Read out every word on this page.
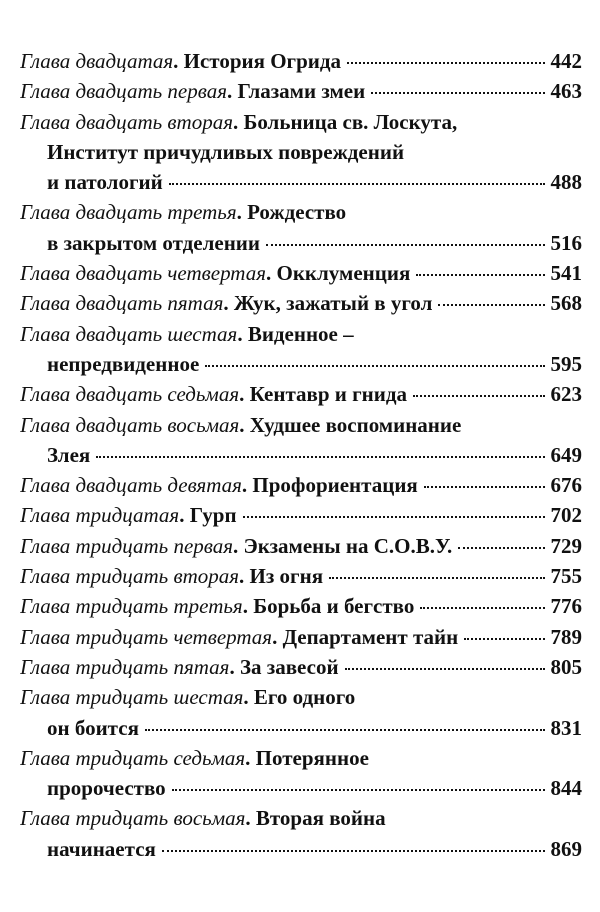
Глава двадцатая . История Огрида	442
Глава двадцать первая . Глазами змеи	463
Глава двадцать вторая . Больница св. Лоскута,
Институт причудливых повреждений
и патологий	488
Глава двадцать третья . Рождество
в закрытом отделении	516
Глава двадцать четвертая . Окклуменция	541
Глава двадцать пятая . Жук, зажатый в угол	568
Глава двадцать шестая . Виденное –
непредвиденное	595
Глава двадцать седьмая . Кентавр и гнида	623
Глава двадцать восьмая . Худшее воспоминание
Злея	649
Глава двадцать девятая . Профориентация	676
Глава тридцатая . Гурп	702
Глава тридцать первая . Экзамены на С.О.В.У.	729
Глава тридцать вторая . Из огня	755
Глава тридцать третья . Борьба и бегство	776
Глава тридцать четвертая . Департамент тайн	789
Глава тридцать пятая . За завесой	805
Глава тридцать шестая . Его одного
он боится	831
Глава тридцать седьмая . Потерянное
пророчество	844
Глава тридцать восьмая . Вторая война
начинается	869
